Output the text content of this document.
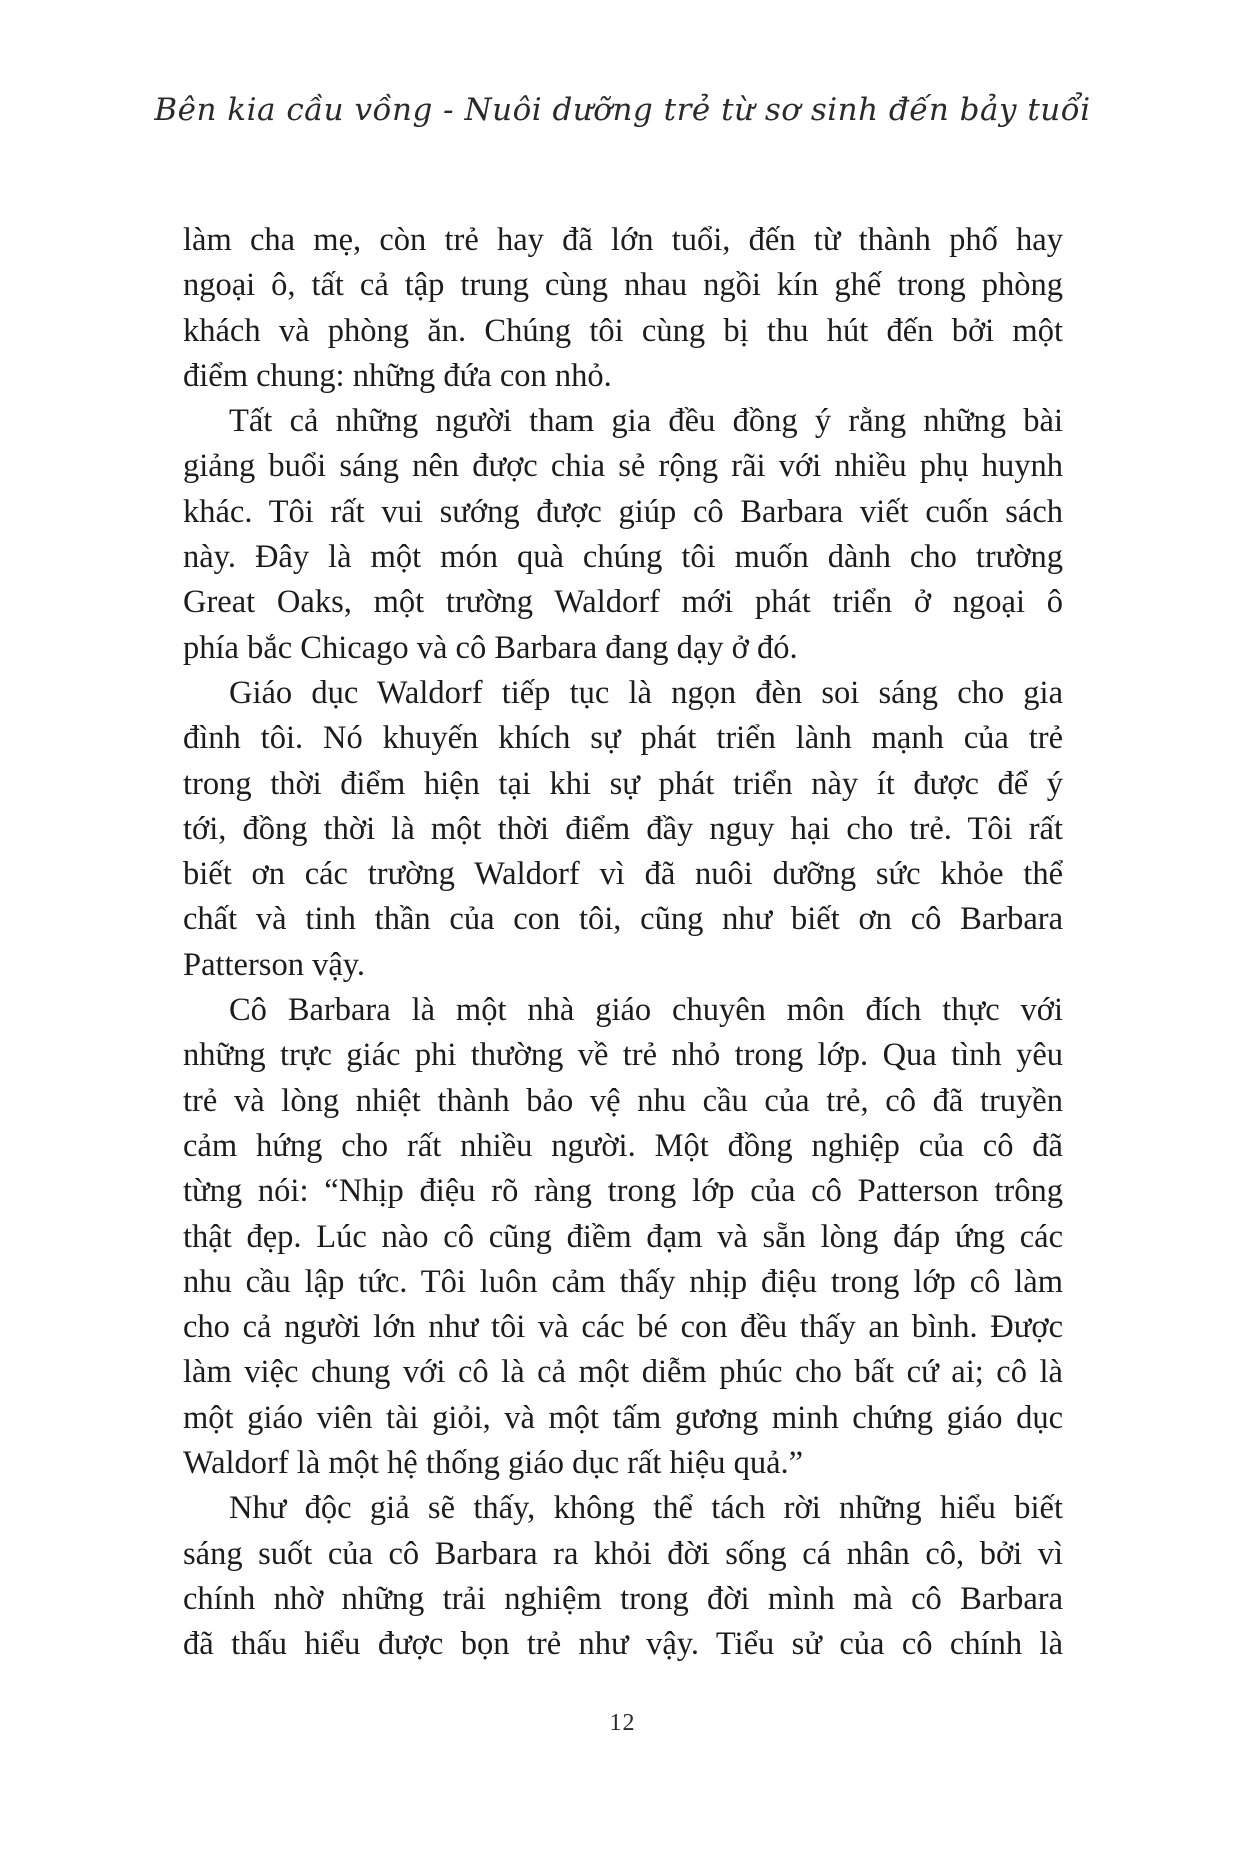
Bên kia cầu vồng - Nuôi dưỡng trẻ từ sơ sinh đến bảy tuổi
làm cha mẹ, còn trẻ hay đã lớn tuổi, đến từ thành phố hay
ngoại ô, tất cả tập trung cùng nhau ngồi kín ghế trong phòng
khách và phòng ăn. Chúng tôi cùng bị thu hút đến bởi một
điểm chung: những đứa con nhỏ.
Tất cả những người tham gia đều đồng ý rằng những bài
giảng buổi sáng nên được chia sẻ rộng rãi với nhiều phụ huynh
khác. Tôi rất vui sướng được giúp cô Barbara viết cuốn sách
này. Đây là một món quà chúng tôi muốn dành cho trường
Great Oaks, một trường Waldorf mới phát triển ở ngoại ô
phía bắc Chicago và cô Barbara đang dạy ở đó.
Giáo dục Waldorf tiếp tục là ngọn đèn soi sáng cho gia
đình tôi. Nó khuyến khích sự phát triển lành mạnh của trẻ
trong thời điểm hiện tại khi sự phát triển này ít được để ý
tới, đồng thời là một thời điểm đầy nguy hại cho trẻ. Tôi rất
biết ơn các trường Waldorf vì đã nuôi dưỡng sức khỏe thể
chất và tinh thần của con tôi, cũng như biết ơn cô Barbara
Patterson vậy.
Cô Barbara là một nhà giáo chuyên môn đích thực với
những trực giác phi thường về trẻ nhỏ trong lớp. Qua tình yêu
trẻ và lòng nhiệt thành bảo vệ nhu cầu của trẻ, cô đã truyền
cảm hứng cho rất nhiều người. Một đồng nghiệp của cô đã
từng nói: “Nhịp điệu rõ ràng trong lớp của cô Patterson trông
thật đẹp. Lúc nào cô cũng điềm đạm và sẵn lòng đáp ứng các
nhu cầu lập tức. Tôi luôn cảm thấy nhịp điệu trong lớp cô làm
cho cả người lớn như tôi và các bé con đều thấy an bình. Được
làm việc chung với cô là cả một diễm phúc cho bất cứ ai; cô là
một giáo viên tài giỏi, và một tấm gương minh chứng giáo dục
Waldorf là một hệ thống giáo dục rất hiệu quả.”
Như độc giả sẽ thấy, không thể tách rời những hiểu biết
sáng suốt của cô Barbara ra khỏi đời sống cá nhân cô, bởi vì
chính nhờ những trải nghiệm trong đời mình mà cô Barbara
đã thấu hiểu được bọn trẻ như vậy. Tiểu sử của cô chính là
12
